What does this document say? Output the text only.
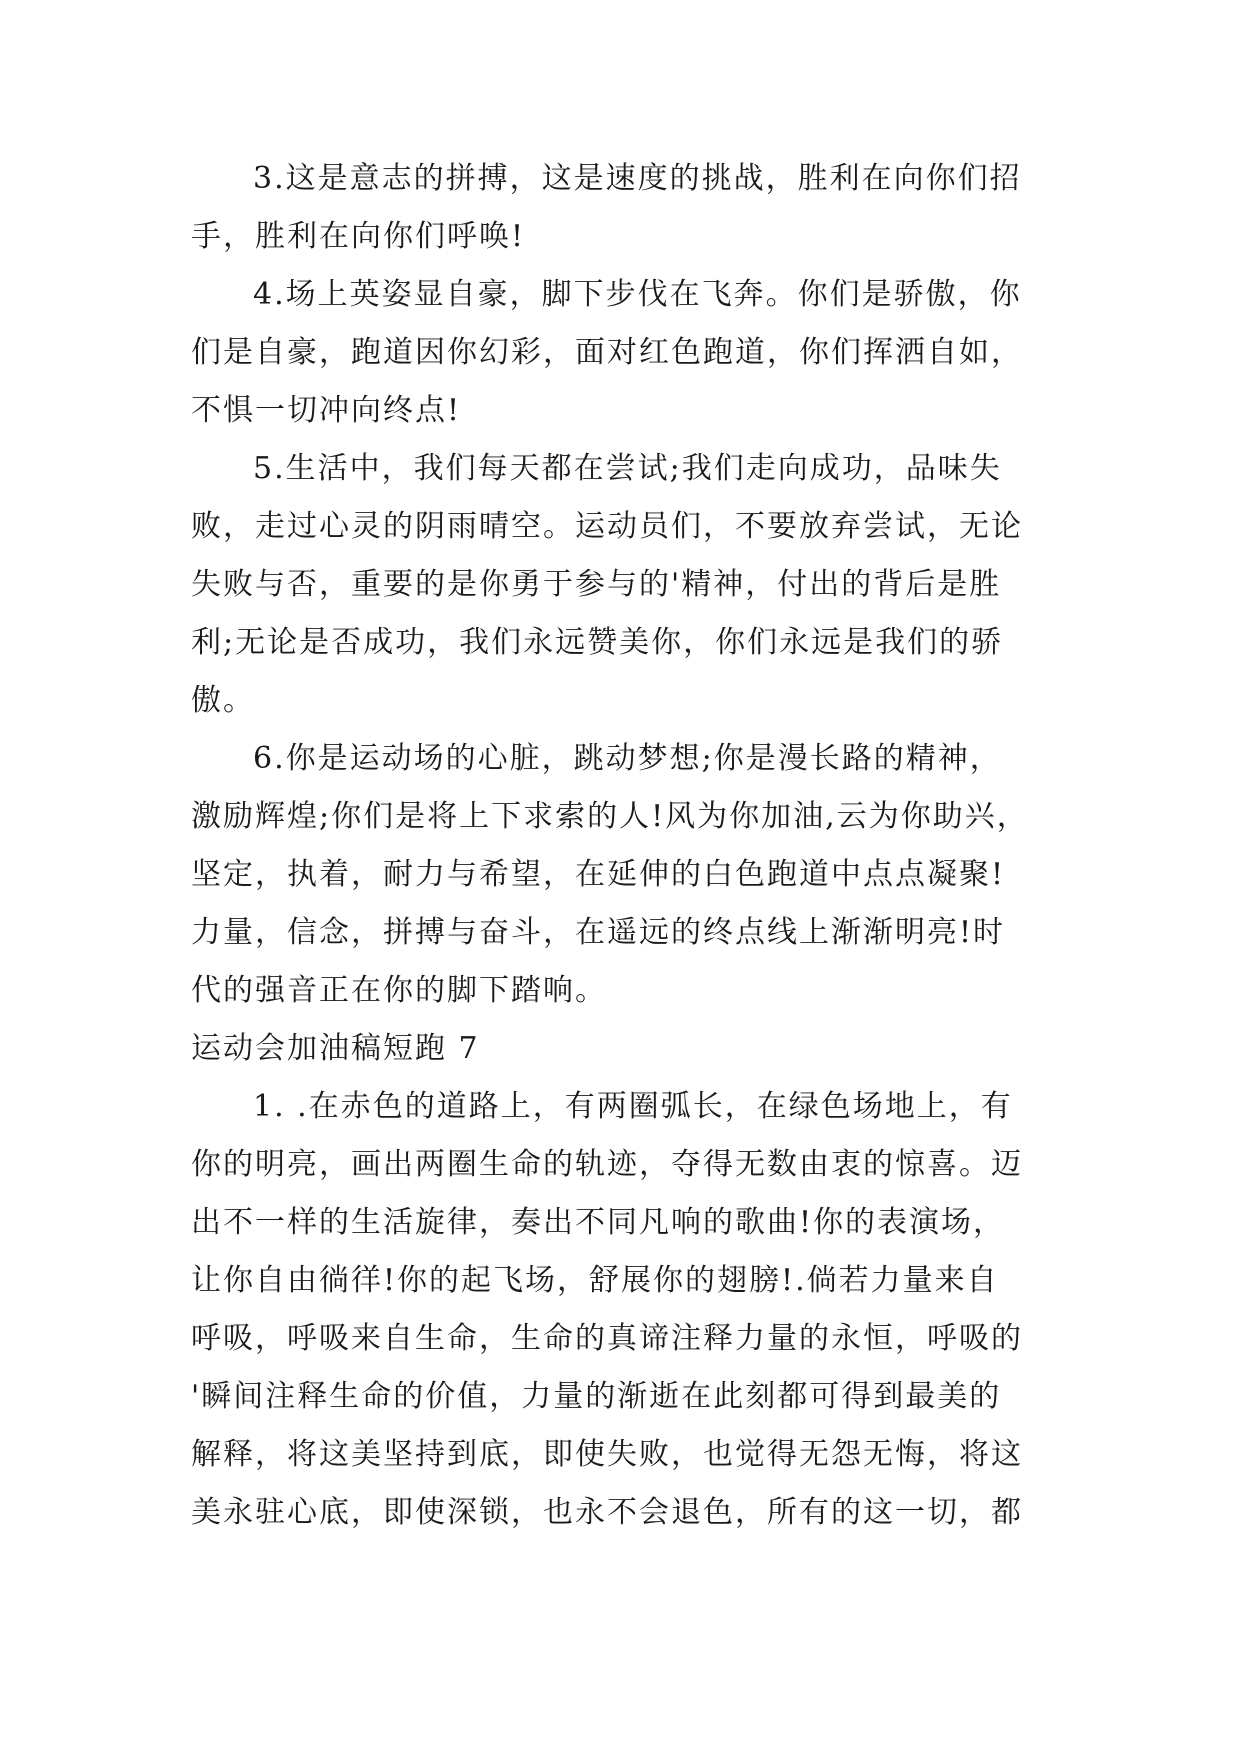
3.这是意志的拼搏，这是速度的挑战，胜利在向你们招
手，胜利在向你们呼唤!

4.场上英姿显自豪，脚下步伐在飞奔。你们是骄傲，你
们是自豪，跑道因你幻彩，面对红色跑道，你们挥洒自如，
不惧一切冲向终点!

5.生活中，我们每天都在尝试;我们走向成功，品味失
败，走过心灵的阴雨晴空。运动员们，不要放弃尝试，无论
失败与否，重要的是你勇于参与的'精神，付出的背后是胜
利;无论是否成功，我们永远赞美你，你们永远是我们的骄
傲。

6.你是运动场的心脏，跳动梦想;你是漫长路的精神，
激励辉煌;你们是将上下求索的人!风为你加油,云为你助兴，
坚定，执着，耐力与希望，在延伸的白色跑道中点点凝聚!
力量，信念，拼搏与奋斗，在遥远的终点线上渐渐明亮!时
代的强音正在你的脚下踏响。

运动会加油稿短跑 7

1. .在赤色的道路上，有两圈弧长，在绿色场地上，有
你的明亮，画出两圈生命的轨迹，夺得无数由衷的惊喜。迈
出不一样的生活旋律，奏出不同凡响的歌曲!你的表演场，
让你自由徜徉!你的起飞场，舒展你的翅膀!.倘若力量来自
呼吸，呼吸来自生命，生命的真谛注释力量的永恒，呼吸的
'瞬间注释生命的价值，力量的渐逝在此刻都可得到最美的
解释，将这美坚持到底，即使失败，也觉得无怨无悔，将这
美永驻心底，即使深锁，也永不会退色，所有的这一切，都
